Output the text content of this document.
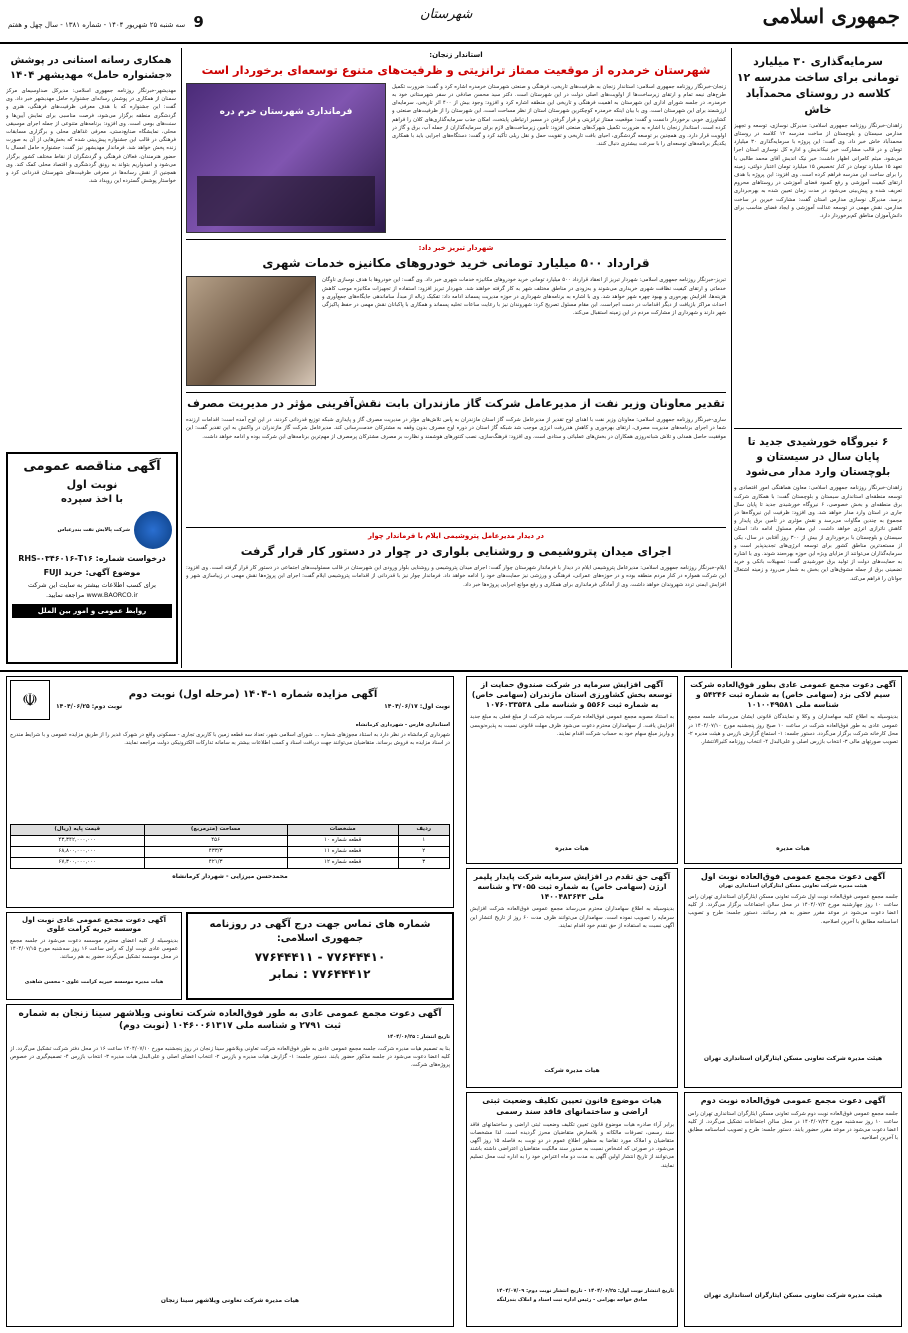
9 سه شنبه ۲۵ شهریور ۱۴۰۴ - شماره ۱۳۸۱ - سال چهل و هفتم
شهرستان	جمهوری اسلامی
سرمایه‌گذاری ۳۰ میلیارد تومانی برای ساخت مدرسه ۱۲ کلاسه در روستای محمدآباد خاش
زاهدان-خبرنگار روزنامه جمهوری اسلامی: مدیرکل نوسازی، توسعه و تجهیز مدارس سیستان و بلوچستان از ساخت مدرسه ۱۲ کلاسه در روستای محمدآباد خاش خبر داد. وی گفت: این پروژه با سرمایه‌گذاری ۳۰ میلیارد تومان و در قالب مشارکت خیر نیکاندیش و اداره کل نوسازی استان اجرا می‌شود. میثم کامرانی اظهار داشت: خیر نیک اندیش آقای محمد طالبی با تعهد ۱۵ میلیارد تومان در کنار تخصیص ۱۵ میلیارد تومان اعتبار دولتی، زمینه را برای ساخت این مدرسه فراهم کرده است. وی افزود: این پروژه با هدف ارتقای کیفیت آموزشی و رفع کمبود فضای آموزشی در روستاهای محروم تعریف شده و پیش‌بینی می‌شود در مدت زمان تعیین شده به بهره‌برداری برسد. مدیرکل نوسازی مدارس استان گفت: مشارکت خیرین در ساخت مدارس، نقش مهمی در توسعه عدالت آموزشی و ایجاد فضای مناسب برای دانش‌آموزان مناطق کم‌برخوردار دارد.
۶ نیروگاه خورشیدی جدید تا پایان سال در سیستان و بلوچستان وارد مدار می‌شود
زاهدان-خبرنگار روزنامه جمهوری اسلامی: معاون هماهنگی امور اقتصادی و توسعه منطقه‌ای استانداری سیستان و بلوچستان گفت: با همکاری شرکت برق منطقه‌ای و بخش خصوصی، ۶ نیروگاه خورشیدی جدید تا پایان سال جاری در استان وارد مدار خواهد شد. وی افزود: ظرفیت این نیروگاه‌ها در مجموع به چندین مگاوات می‌رسد و نقش مؤثری در تأمین برق پایدار و کاهش ناترازی انرژی خواهد داشت. این مقام مسئول ادامه داد: استان سیستان و بلوچستان با برخورداری از بیش از ۳۰۰ روز آفتابی در سال، یکی از مستعدترین مناطق کشور برای توسعه انرژی‌های تجدیدپذیر است و سرمایه‌گذاران می‌توانند از مزایای ویژه این حوزه بهره‌مند شوند. وی با اشاره به حمایت‌های دولت از تولید برق خورشیدی گفت: تسهیلات بانکی و خرید تضمینی برق از جمله مشوق‌های این بخش به شمار می‌رود و زمینه اشتغال جوانان را فراهم می‌کند.
استاندار زنجان:
شهرستان خرمدره از موقعیت ممتاز ترانزیتی و ظرفیت‌های متنوع توسعه‌ای برخوردار است
زنجان-خبرنگار روزنامه جمهوری اسلامی: استاندار زنجان به ظرفیت‌های تاریخی، فرهنگی و صنعتی شهرستان خرمدره اشاره کرد و گفت: ضرورت تکمیل طرح‌های نیمه تمام و ارتقای زیرساخت‌ها از اولویت‌های اصلی دولت در این شهرستان است. دکتر سید محسن صادقی در سفر شهرستانی خود به خرمدره، در جلسه شورای اداری این شهرستان به اهمیت فرهنگی و تاریخی این منطقه اشاره کرد و افزود: وجود بیش از ۴۰۰ اثر تاریخی، سرمایه‌ای ارزشمند برای این شهرستان است. وی با بیان اینکه خرمدره کوچکترین شهرستان استان از نظر مساحت است، این شهرستان را از ظرفیت‌های صنعتی و کشاورزی خوبی برخوردار دانست و گفت: موقعیت ممتاز ترانزیتی و قرار گرفتن در مسیر ارتباطی پایتخت، امکان جذب سرمایه‌گذاری‌های کلان را فراهم کرده است. استاندار زنجان با اشاره به ضرورت تکمیل شهرک‌های صنعتی افزود: تأمین زیرساخت‌های لازم برای سرمایه‌گذاران از جمله آب، برق و گاز در اولویت قرار دارد. وی همچنین بر توسعه گردشگری، احیای بافت تاریخی و تقویت حمل و نقل ریلی تأکید کرد و گفت: دستگاه‌های اجرایی باید با همکاری یکدیگر برنامه‌های توسعه‌ای را با سرعت بیشتری دنبال کنند.
فرمانداری شهرستان خرم دره
شهردار تبریز خبر داد:
قرارداد ۵۰۰ میلیارد تومانی خرید خودروهای مکانیزه خدمات شهری
تبریز-خبرنگار روزنامه جمهوری اسلامی: شهردار تبریز از انعقاد قرارداد ۵۰۰ میلیارد تومانی خرید خودروهای مکانیزه خدمات شهری خبر داد. وی گفت: این خودروها با هدف نوسازی ناوگان خدماتی و ارتقای کیفیت نظافت شهری خریداری می‌شوند و به‌زودی در مناطق مختلف شهر به کار گرفته خواهند شد. شهردار تبریز افزود: استفاده از تجهیزات مکانیزه موجب کاهش هزینه‌ها، افزایش بهره‌وری و بهبود چهره شهر خواهد شد. وی با اشاره به برنامه‌های شهرداری در حوزه مدیریت پسماند ادامه داد: تفکیک زباله از مبدأ، ساماندهی جایگاه‌های جمع‌آوری و احداث مراکز بازیافت از دیگر اقدامات در دست اجراست. این مقام مسئول تصریح کرد: شهروندان نیز با رعایت ساعات تخلیه پسماند و همکاری با پاکبانان نقش مهمی در حفظ پاکیزگی شهر دارند و شهرداری از مشارکت مردم در این زمینه استقبال می‌کند.
تقدیر معاونان وزیر نفت از مدیرعامل شرکت گاز مازندران بابت نقش‌آفرینی مؤثر در مدیریت مصرف
ساری-خبرنگار روزنامه جمهوری اسلامی: معاونان وزیر نفت با اهدای لوح تقدیر از مدیرعامل شرکت گاز استان مازندران به پاس تلاش‌های مؤثر در مدیریت مصرف گاز و پایداری شبکه توزیع قدردانی کردند. در این لوح آمده است: اقدامات ارزنده شما در اجرای برنامه‌های مدیریت مصرف، ارتقای بهره‌وری و کاهش هدررفت انرژی موجب شد شبکه گاز استان در دوره اوج مصرف بدون وقفه به مشترکان خدمت‌رسانی کند. مدیرعامل شرکت گاز مازندران در واکنش به این تقدیر گفت: این موفقیت حاصل همدلی و تلاش شبانه‌روزی همکاران در بخش‌های عملیاتی و ستادی است. وی افزود: فرهنگ‌سازی، نصب کنتورهای هوشمند و نظارت بر مصرف مشترکان پرمصرف از مهم‌ترین برنامه‌های این شرکت بوده و ادامه خواهد داشت.
در دیدار مدیرعامل پتروشیمی ایلام با فرماندار چوار
اجرای میدان پتروشیمی و روشنایی بلواری در چوار در دستور کار قرار گرفت
ایلام-خبرنگار روزنامه جمهوری اسلامی: مدیرعامل پتروشیمی ایلام در دیدار با فرماندار شهرستان چوار گفت: اجرای میدان پتروشیمی و روشنایی بلوار ورودی این شهرستان در قالب مسئولیت‌های اجتماعی در دستور کار قرار گرفته است. وی افزود: این شرکت همواره در کنار مردم منطقه بوده و در حوزه‌های عمرانی، فرهنگی و ورزشی نیز حمایت‌های خود را ادامه خواهد داد. فرماندار چوار نیز با قدردانی از اقدامات پتروشیمی ایلام گفت: اجرای این پروژه‌ها نقش مهمی در زیباسازی شهر و افزایش ایمنی تردد شهروندان خواهد داشت. وی از آمادگی فرمانداری برای همکاری و رفع موانع اجرایی پروژه‌ها خبر داد.
همکاری رسانه استانی در پوشش «جشنواره حامل» مهدیشهر ۱۴۰۴
مهدیشهر-خبرنگار روزنامه جمهوری اسلامی: مدیرکل صداوسیمای مرکز سمنان از همکاری در پوشش رسانه‌ای جشنواره حامل مهدیشهر خبر داد. وی گفت: این جشنواره که با هدف معرفی ظرفیت‌های فرهنگی، هنری و گردشگری منطقه برگزار می‌شود، فرصت مناسبی برای نمایش آیین‌ها و سنت‌های بومی است. وی افزود: برنامه‌های متنوعی از جمله اجرای موسیقی محلی، نمایشگاه صنایع‌دستی، معرفی غذاهای محلی و برگزاری مسابقات فرهنگی در قالب این جشنواره پیش‌بینی شده که بخش‌هایی از آن به صورت زنده پخش خواهد شد. فرماندار مهدیشهر نیز گفت: جشنواره حامل امسال با حضور هنرمندان، فعالان فرهنگی و گردشگران از نقاط مختلف کشور برگزار می‌شود و امیدواریم بتواند به رونق گردشگری و اقتصاد محلی کمک کند. وی همچنین از نقش رسانه‌ها در معرفی ظرفیت‌های شهرستان قدردانی کرد و خواستار پوشش گسترده این رویداد شد.
آگهی مناقصه عمومی
نوبت اول
با اخذ سپرده
شرکت پالایش نفت بندرعباس
درخواست شماره: RHS-۰۳۴۶۰۱۶-T۱۶
موضوع آگهی: خرید FUJI
برای کسب اطلاعات بیشتر به سایت این شرکت www.BAORCO.ir مراجعه نمایید.
روابط عمومی و امور بین الملل
آگهی دعوت مجمع عمومی عادی بطور فوق‌العاده شرکت سیم لاکی بزد (سهامی خاص) به شماره ثبت ۵۴۲۴۶ و شناسه ملی ۱۰۱۰۰۴۹۵۸۱
بدینوسیله به اطلاع کلیه سهامداران و وکلا و نمایندگان قانونی ایشان می‌رساند جلسه مجمع عمومی عادی به طور فوق‌العاده شرکت در ساعت ۱۰ صبح روز پنجشنبه مورخ ۱۴۰۴/۰۷/۱۰ در محل کارخانه شرکت برگزار می‌گردد. دستور جلسه: ۱- استماع گزارش بازرس و هیئت مدیره ۲- تصویب صورتهای مالی ۳- انتخاب بازرس اصلی و علی‌البدل ۴- انتخاب روزنامه کثیرالانتشار.
هیات مدیره
آگهی افزایش سرمایه در شرکت صندوق حمایت از توسعه بخش کشاورزی استان مازندران (سهامی خاص) به شماره ثبت ۵۵۶۶ و شناسه ملی ۱۰۷۶۰۳۳۵۳۸
به استناد مصوبه مجمع عمومی فوق‌العاده شرکت، سرمایه شرکت از مبلغ فعلی به مبلغ جدید افزایش یافت. از سهامداران محترم دعوت می‌شود ظرف مهلت قانونی نسبت به پذیره‌نویسی و واریز مبلغ سهام خود به حساب شرکت اقدام نمایند.
هیات مدیره
آگهی مزایده شماره ۱-۱۴۰۴ (مرحله اول) نوبت دوم
نوبت اول: ۱۴۰۴/۰۶/۱۷
نوبت دوم: ۱۴۰۴/۰۶/۲۵
☫
استانداری فارس - شهرداری کرمانشاه
شهرداری کرمانشاه در نظر دارد به استناد مجوزهای شماره ... شورای اسلامی شهر، تعداد سه قطعه زمین با کاربری تجاری - مسکونی واقع در شهرک غدیر را از طریق مزایده عمومی و با شرایط مندرج در اسناد مزایده به فروش برساند. متقاضیان می‌توانند جهت دریافت اسناد و کسب اطلاعات بیشتر به سامانه تدارکات الکترونیکی دولت مراجعه نمایند.
ردیف	مشخصات	مساحت (مترمربع)	قیمت پایه (ریال)
۱	قطعه شماره ۱۰	۴۵۶	۴۳,۳۴۲,۰۰۰,۰۰۰
۲	قطعه شماره ۱۱	۴۳۳/۳	۶۸,۸۰۰,۰۰۰,۰۰۰
۳	قطعه شماره ۱۲	۴۲۱/۳	۶۷,۳۰۰,۰۰۰,۰۰۰
محمدحسن میرزایی - شهردار کرمانشاه	آگهی دعوت مجمع عمومی فوق‌العاده نوبت اول
هیئت مدیره شرکت تعاونی مسکن ایثارگران استانداری تهران
جلسه مجمع عمومی فوق‌العاده نوبت اول شرکت تعاونی مسکن ایثارگران استانداری تهران راس ساعت ۱۰ روز چهارشنبه مورخ ۱۴۰۴/۰۷/۲ در محل سالن اجتماعات برگزار می‌گردد. از کلیه اعضا دعوت می‌شود در موعد مقرر حضور به هم رسانند. دستور جلسه: طرح و تصویب اساسنامه مطابق با آخرین اصلاحیه.
هیئت مدیره شرکت تعاونی مسکن ایثارگران استانداری تهران
آگهی حق تقدم در افزایش سرمایه شرکت پایدار پلیمر ارژن (سهامی خاص) به شماره ثبت ۳۷۰۵۵ و شناسه ملی ۱۴۰۰۴۸۳۶۴۳
بدینوسیله به اطلاع سهامداران محترم می‌رساند مجمع عمومی فوق‌العاده شرکت افزایش سرمایه را تصویب نموده است. سهامداران می‌توانند ظرف مدت ۶۰ روز از تاریخ انتشار این آگهی نسبت به استفاده از حق تقدم خود اقدام نمایند.
هیات مدیره شرکت
آگهی دعوت مجمع عمومی عادی نوبت اول موسسه خیریه کرامت علوی
بدینوسیله از کلیه اعضای محترم موسسه دعوت می‌شود در جلسه مجمع عمومی عادی نوبت اول که راس ساعت ۱۶ روز سه‌شنبه مورخ ۱۴۰۴/۰۷/۱۵ در محل موسسه تشکیل می‌گردد حضور به هم رسانند.
هیات مدیره موسسه خیریه کرامت علوی - محسن شاهدی
شماره های تماس جهت درج آگهی در روزنامه جمهوری اسلامی:
۷۷۶۴۴۴۱۰ - ۷۷۶۴۴۴۱۱
۷۷۶۴۴۴۱۲ : نمابر
آگهی دعوت مجمع عمومی عادی به طور فوق‌العاده شرکت تعاونی ویلاشهر سینا زنجان به شماره ثبت ۲۷۹۱ و شناسه ملی ۱۰۴۶۰۰۶۱۳۱۷ (نوبت دوم)
تاریخ انتشار : ۱۴۰۴/۰۶/۲۵
بنا به تصمیم هیات مدیره شرکت، جلسه مجمع عمومی عادی به طور فوق‌العاده شرکت تعاونی ویلاشهر سینا زنجان در روز پنجشنبه مورخ ۱۴۰۴/۰۷/۱۰ ساعت ۱۶ در محل دفتر شرکت تشکیل می‌گردد. از کلیه اعضا دعوت می‌شود در جلسه مذکور حضور یابند. دستور جلسه: ۱- گزارش هیات مدیره و بازرس ۲- انتخاب اعضای اصلی و علی‌البدل هیات مدیره ۳- انتخاب بازرس ۴- تصمیم‌گیری در خصوص پروژه‌های شرکت.
هیات مدیره شرکت تعاونی ویلاشهر سینا زنجان
هیات موضوع قانون تعیین تکلیف وضعیت ثبتی اراضی و ساختمانهای فاقد سند رسمی
برابر آراء صادره هیات موضوع قانون تعیین تکلیف وضعیت ثبتی اراضی و ساختمانهای فاقد سند رسمی، تصرفات مالکانه و بلامعارض متقاضیان محرز گردیده است. لذا مشخصات متقاضیان و املاک مورد تقاضا به منظور اطلاع عموم در دو نوبت به فاصله ۱۵ روز آگهی می‌شود. در صورتی که اشخاص نسبت به صدور سند مالکیت متقاضیان اعتراضی داشته باشند می‌توانند از تاریخ انتشار اولین آگهی به مدت دو ماه اعتراض خود را به اداره ثبت محل تسلیم نمایند.
تاریخ انتشار نوبت اول: ۱۴۰۴/۰۶/۲۵ - تاریخ انتشار نوبت دوم: ۱۴۰۴/۰۷/۰۹
صادق خواجه بهرامی - رئیس اداره ثبت اسناد و املاک بندرلنگه
آگهی دعوت مجمع عمومی فوق‌العاده نوبت دوم
جلسه مجمع عمومی فوق‌العاده نوبت دوم شرکت تعاونی مسکن ایثارگران استانداری تهران راس ساعت ۱۰ روز سه‌شنبه مورخ ۱۴۰۴/۰۷/۲۲ در محل سالن اجتماعات تشکیل می‌گردد. از کلیه اعضا دعوت می‌شود در موعد مقرر حضور یابند. دستور جلسه: طرح و تصویب اساسنامه مطابق با آخرین اصلاحیه.
هیئت مدیره شرکت تعاونی مسکن ایثارگران استانداری تهران
